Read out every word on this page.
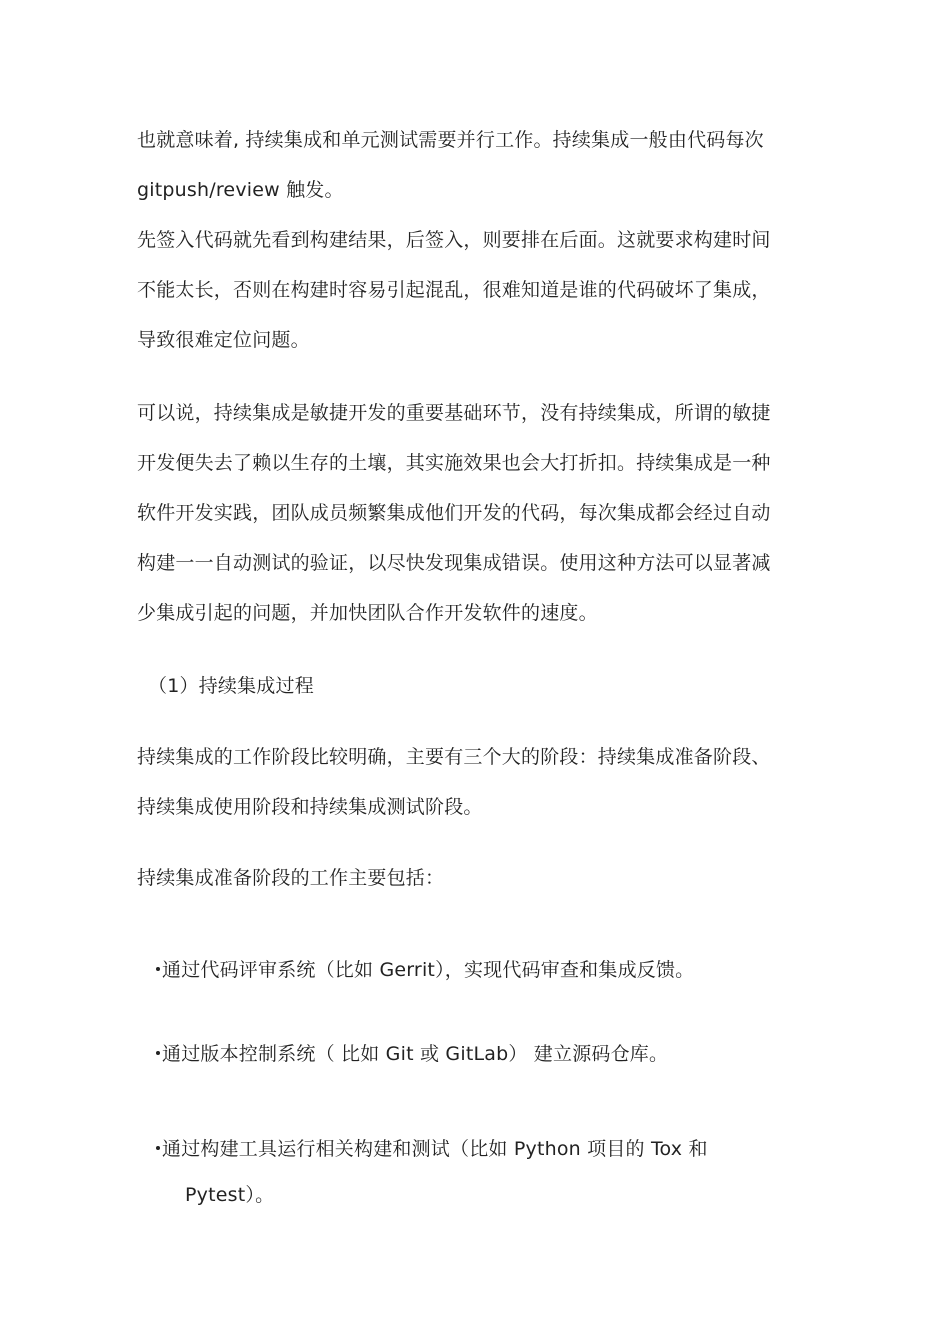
也就意味着, 持续集成和单元测试需要并行工作。持续集成一般由代码每次
gitpush/review 触发。
先签入代码就先看到构建结果，后签入，则要排在后面。这就要求构建时间
不能太长，否则在构建时容易引起混乱，很难知道是谁的代码破坏了集成，
导致很难定位问题。
可以说，持续集成是敏捷开发的重要基础环节，没有持续集成，所谓的敏捷
开发便失去了赖以生存的土壤，其实施效果也会大打折扣。持续集成是一种
软件开发实践，团队成员频繁集成他们开发的代码，每次集成都会经过自动
构建一一自动测试的验证，以尽快发现集成错误。使用这种方法可以显著减
少集成引起的问题，并加快团队合作开发软件的速度。
（1）持续集成过程
持续集成的工作阶段比较明确，主要有三个大的阶段：持续集成准备阶段、
持续集成使用阶段和持续集成测试阶段。
持续集成准备阶段的工作主要包括：
通过代码评审系统（比如 Gerrit），实现代码审查和集成反馈。
通过版本控制系统（ 比如 Git 或 GitLab） 建立源码仓库。
通过构建工具运行相关构建和测试（比如 Python 项目的 Tox 和
Pytest）。
